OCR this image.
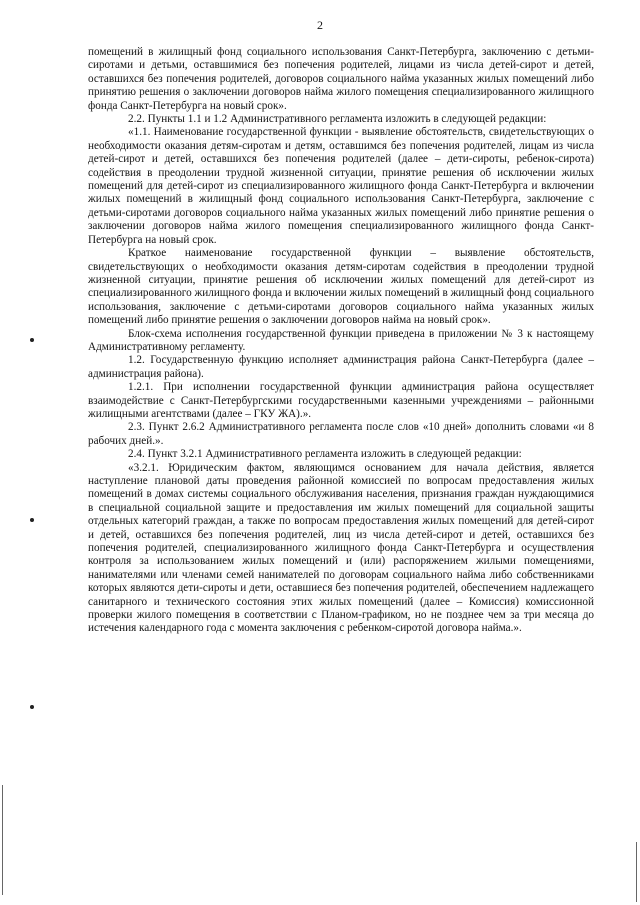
2

помещений в жилищный фонд социального использования Санкт-Петербурга, заключению с детьми-сиротами и детьми, оставшимися без попечения родителей, лицами из числа детей-сирот и детей, оставшихся без попечения родителей, договоров социального найма указанных жилых помещений либо принятию решения о заключении договоров найма жилого помещения специализированного жилищного фонда Санкт-Петербурга на новый срок».

2.2. Пункты 1.1 и 1.2 Административного регламента изложить в следующей редакции:

«1.1. Наименование государственной функции - выявление обстоятельств, свидетельствующих о необходимости оказания детям-сиротам и детям, оставшимся без попечения родителей, лицам из числа детей-сирот и детей, оставшихся без попечения родителей (далее – дети-сироты, ребенок-сирота) содействия в преодолении трудной жизненной ситуации, принятие решения об исключении жилых помещений для детей-сирот из специализированного жилищного фонда Санкт-Петербурга и включении жилых помещений в жилищный фонд социального использования Санкт-Петербурга, заключение с детьми-сиротами договоров социального найма указанных жилых помещений либо принятие решения о заключении договоров найма жилого помещения специализированного жилищного фонда Санкт-Петербурга на новый срок.

Краткое наименование государственной функции – выявление обстоятельств, свидетельствующих о необходимости оказания детям-сиротам содействия в преодолении трудной жизненной ситуации, принятие решения об исключении жилых помещений для детей-сирот из специализированного жилищного фонда и включении жилых помещений в жилищный фонд социального использования, заключение с детьми-сиротами договоров социального найма указанных жилых помещений либо принятие решения о заключении договоров найма на новый срок».

Блок-схема исполнения государственной функции приведена в приложении № 3 к настоящему Административному регламенту.

1.2. Государственную функцию исполняет администрация района Санкт-Петербурга (далее – администрация района).

1.2.1. При исполнении государственной функции администрация района осуществляет взаимодействие с Санкт-Петербургскими государственными казенными учреждениями – районными жилищными агентствами (далее – ГКУ ЖА).».

2.3. Пункт 2.6.2 Административного регламента после слов «10 дней» дополнить словами «и 8 рабочих дней.».

2.4. Пункт 3.2.1 Административного регламента изложить в следующей редакции:

«3.2.1. Юридическим фактом, являющимся основанием для начала действия, является наступление плановой даты проведения районной комиссией по вопросам предоставления жилых помещений в домах системы социального обслуживания населения, признания граждан нуждающимися в специальной социальной защите и предоставления им жилых помещений для социальной защиты отдельных категорий граждан, а также по вопросам предоставления жилых помещений для детей-сирот и детей, оставшихся без попечения родителей, лиц из числа детей-сирот и детей, оставшихся без попечения родителей, специализированного жилищного фонда Санкт-Петербурга и осуществления контроля за использованием жилых помещений и (или) распоряжением жилыми помещениями, нанимателями или членами семей нанимателей по договорам социального найма либо собственниками которых являются дети-сироты и дети, оставшиеся без попечения родителей, обеспечением надлежащего санитарного и технического состояния этих жилых помещений (далее – Комиссия) комиссионной проверки жилого помещения в соответствии с Планом-графиком, но не позднее чем за три месяца до истечения календарного года с момента заключения с ребенком-сиротой договора найма.».
